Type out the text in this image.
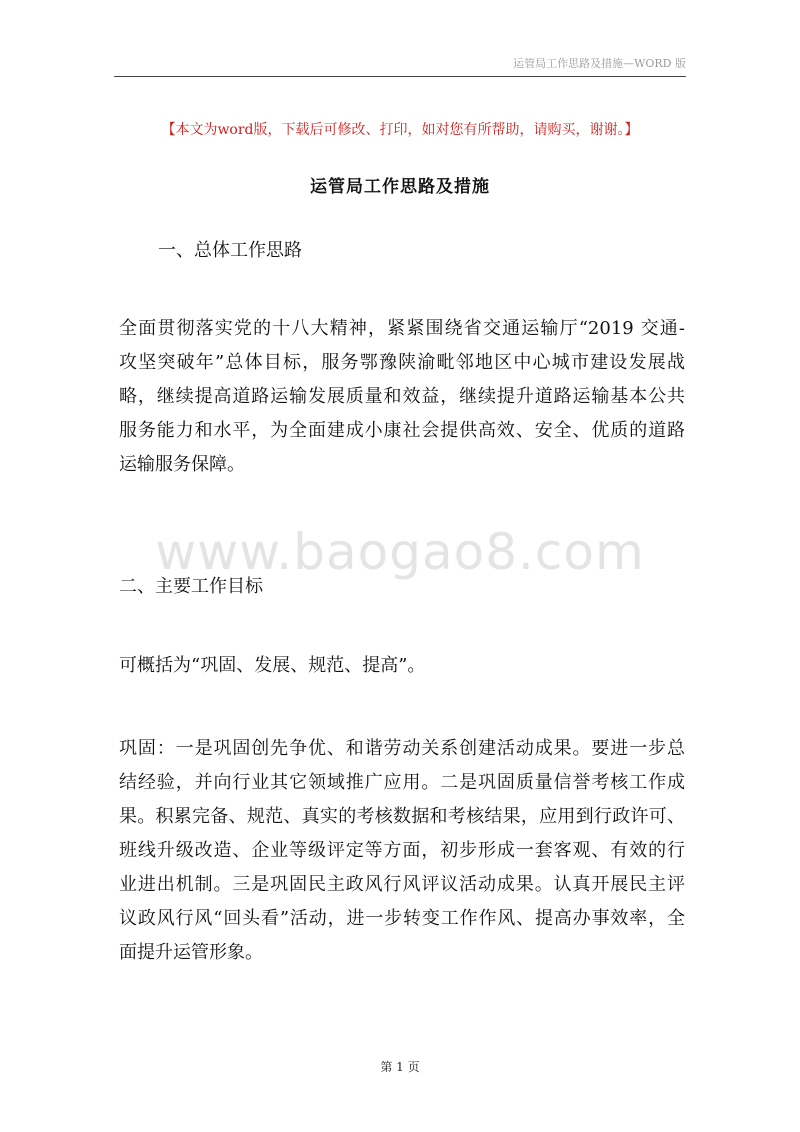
运管局工作思路及措施—WORD 版
【本文为word版，下载后可修改、打印，如对您有所帮助，请购买，谢谢。】
运管局工作思路及措施
一、总体工作思路
全面贯彻落实党的十八大精神，紧紧围绕省交通运输厅“2019 交通-
攻坚突破年”总体目标，服务鄂豫陕渝毗邻地区中心城市建设发展战
略，继续提高道路运输发展质量和效益，继续提升道路运输基本公共
服务能力和水平，为全面建成小康社会提供高效、安全、优质的道路
运输服务保障。
www.baogao8.com
二、主要工作目标
可概括为“巩固、发展、规范、提高”。
巩固：一是巩固创先争优、和谐劳动关系创建活动成果。要进一步总
结经验，并向行业其它领域推广应用。二是巩固质量信誉考核工作成
果。积累完备、规范、真实的考核数据和考核结果，应用到行政许可、
班线升级改造、企业等级评定等方面，初步形成一套客观、有效的行
业进出机制。三是巩固民主政风行风评议活动成果。认真开展民主评
议政风行风“回头看”活动，进一步转变工作作风、提高办事效率，全
面提升运管形象。
第 1 页
